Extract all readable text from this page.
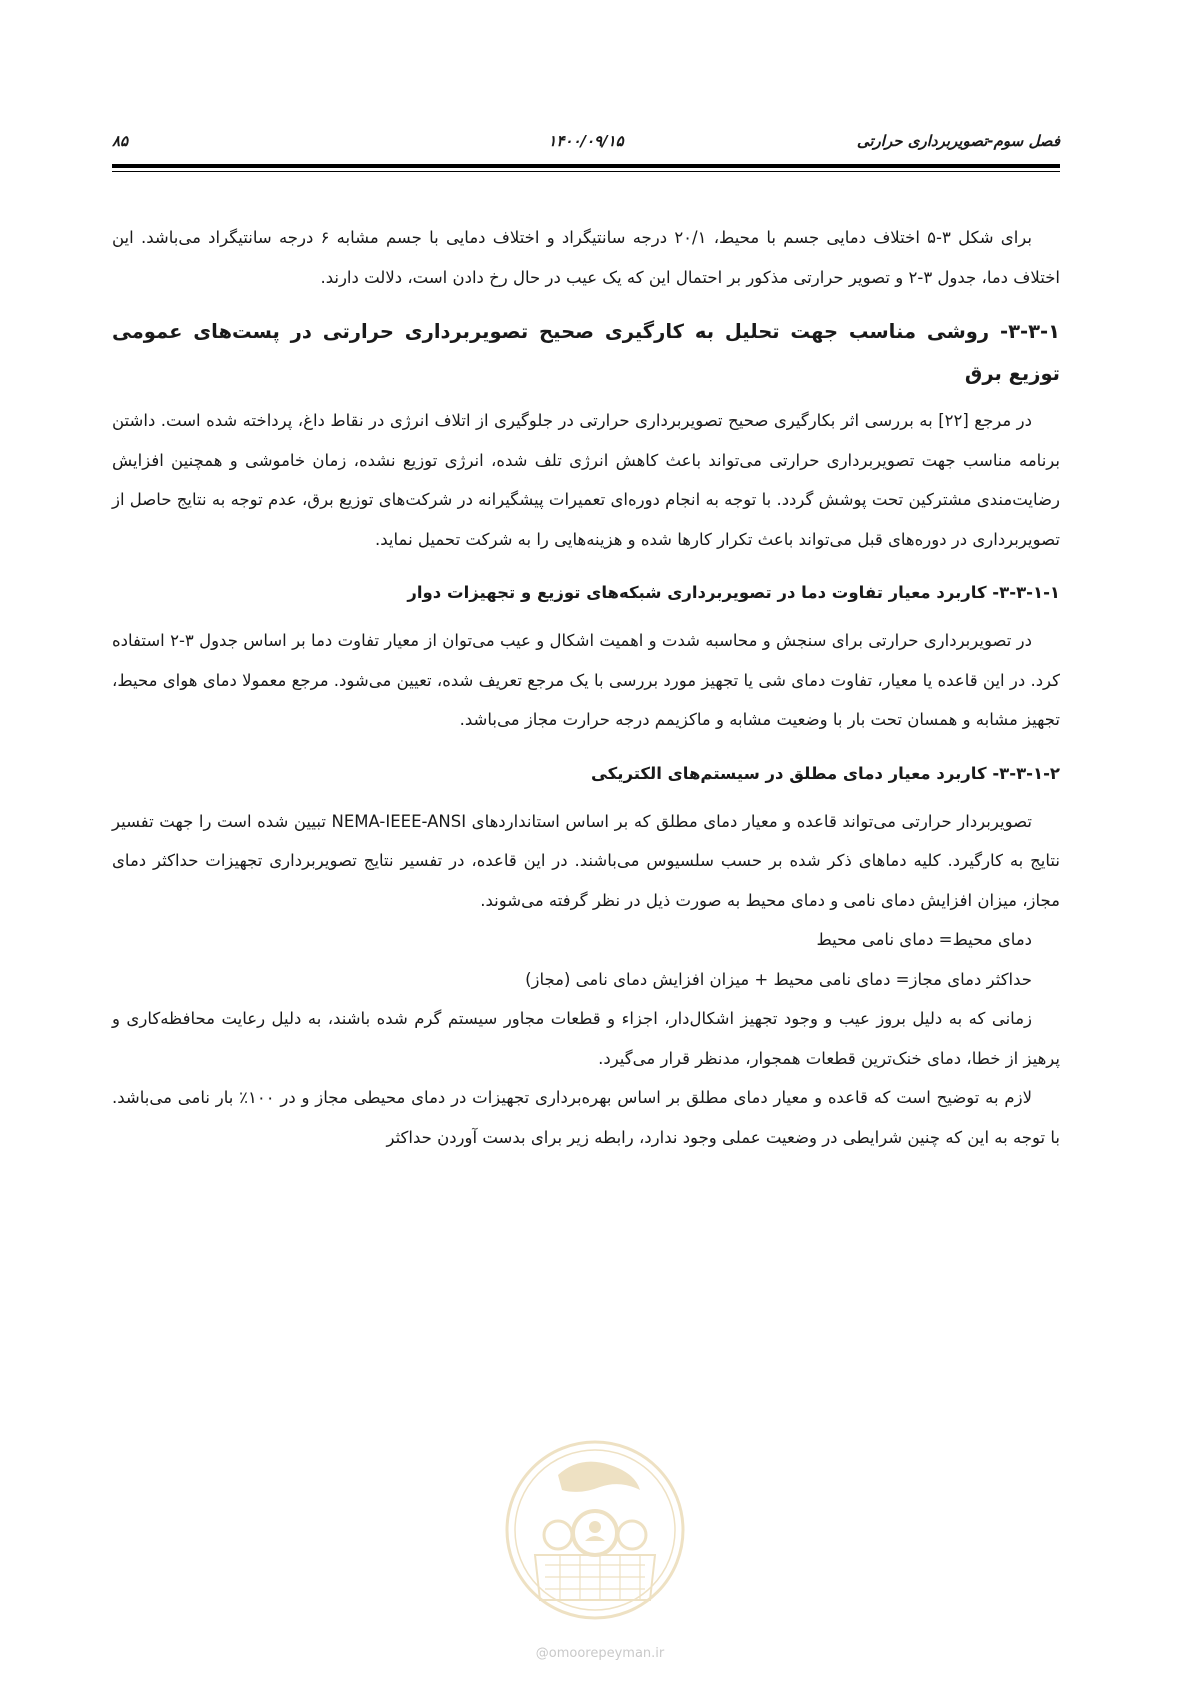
فصل سوم-تصویربرداری حرارتی
۱۴۰۰/۰۹/۱۵
۸۵

برای شکل ۳-۵ اختلاف دمایی جسم با محیط، ۲۰/۱ درجه سانتیگراد و اختلاف دمایی با جسم مشابه ۶ درجه سانتیگراد می‌باشد. این اختلاف دما، جدول ۳-۲ و تصویر حرارتی مذکور بر احتمال این که یک عیب در حال رخ دادن است، دلالت دارند.

۳-۳-۱- روشی مناسب جهت تحلیل به کارگیری صحیح تصویربرداری حرارتی در پست‌های عمومی توزیع برق

در مرجع [۲۲] به بررسی اثر بکارگیری صحیح تصویربرداری حرارتی در جلوگیری از اتلاف انرژی در نقاط داغ، پرداخته شده است. داشتن برنامه مناسب جهت تصویربرداری حرارتی می‌تواند باعث کاهش انرژی تلف شده، انرژی توزیع نشده، زمان خاموشی و همچنین افزایش رضایت‌مندی مشترکین تحت پوشش گردد. با توجه به انجام دوره‌ای تعمیرات پیشگیرانه در شرکت‌های توزیع برق، عدم توجه به نتایج حاصل از تصویربرداری در دوره‌های قبل می‌تواند باعث تکرار کارها شده و هزینه‌هایی را به شرکت تحمیل نماید.

۳-۳-۱-۱- کاربرد معیار تفاوت دما در تصویربرداری شبکه‌های توزیع و تجهیزات دوار

در تصویربرداری حرارتی برای سنجش و محاسبه شدت و اهمیت اشکال و عیب می‌توان از معیار تفاوت دما بر اساس جدول ۳-۲ استفاده کرد. در این قاعده یا معیار، تفاوت دمای شی یا تجهیز مورد بررسی با یک مرجع تعریف شده، تعیین می‌شود. مرجع معمولا دمای هوای محیط، تجهیز مشابه و همسان تحت بار با وضعیت مشابه و ماکزیمم درجه حرارت مجاز می‌باشد.

۳-۳-۱-۲- کاربرد معیار دمای مطلق در سیستم‌های الکتریکی

تصویربردار حرارتی می‌تواند قاعده و معیار دمای مطلق که بر اساس استانداردهای NEMA-IEEE-ANSI تبیین شده است را جهت تفسیر نتایج به کارگیرد. کلیه دماهای ذکر شده بر حسب سلسیوس می‌باشند. در این قاعده، در تفسیر نتایج تصویربرداری تجهیزات حداکثر دمای مجاز، میزان افزایش دمای نامی و دمای محیط به صورت ذیل در نظر گرفته می‌شوند.

دمای محیط= دمای نامی محیط

حداکثر دمای مجاز= دمای نامی محیط + میزان افزایش دمای نامی (مجاز)

زمانی که به دلیل بروز عیب و وجود تجهیز اشکال‌دار، اجزاء و قطعات مجاور سیستم گرم شده باشند، به دلیل رعایت محافظه‌کاری و پرهیز از خطا، دمای خنک‌ترین قطعات همجوار، مدنظر قرار می‌گیرد.

لازم به توضیح است که قاعده و معیار دمای مطلق بر اساس بهره‌برداری تجهیزات در دمای محیطی مجاز و در ۱۰۰٪ بار نامی می‌باشد. با توجه به این که چنین شرایطی در وضعیت عملی وجود ندارد، رابطه زیر برای بدست آوردن حداکثر

@omoorepeyman.ir
